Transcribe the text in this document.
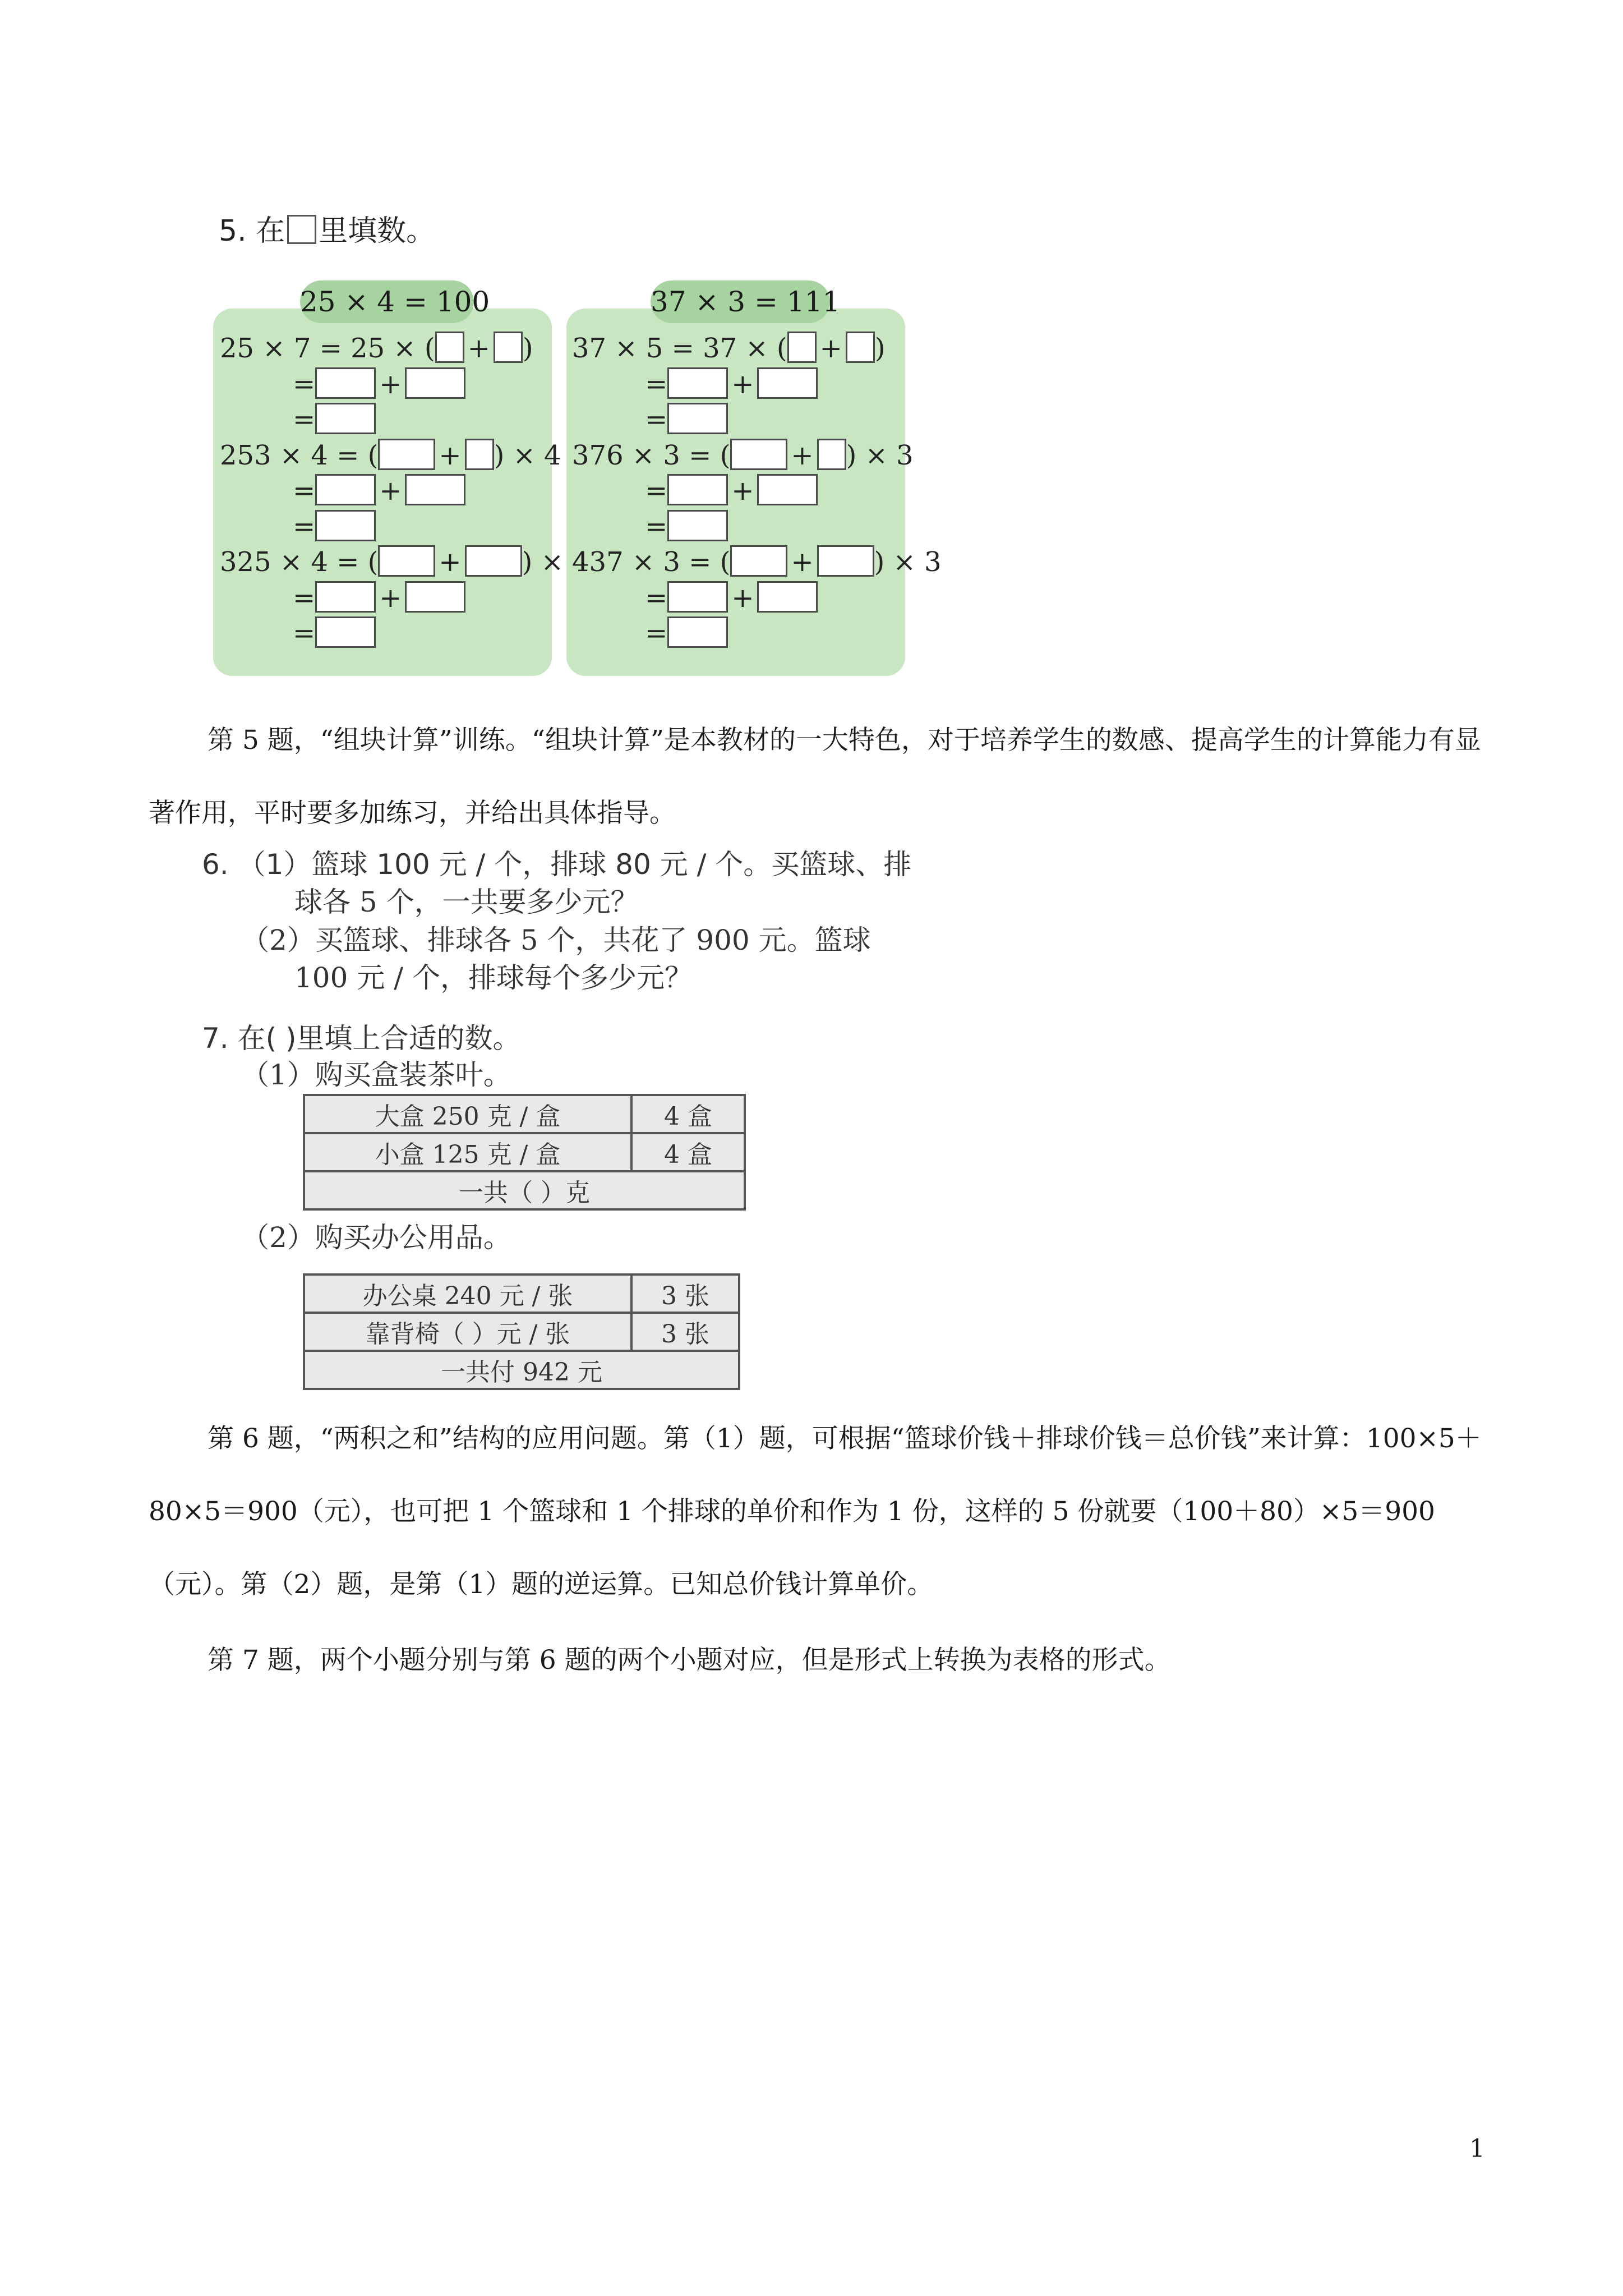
5. 在 里填数。
25 × 4 = 100	37 × 3 = 111
25 × 7 = 25 × ( + )
= +
=
253 × 4 = ( + ) × 4
= +
=
325 × 4 = ( + ) × 4
= +
=
37 × 5 = 37 × ( + )
= +
=
376 × 3 = ( + ) × 3
= +
=
437 × 3 = ( + ) × 3
= +
=
第 5 题，“组块计算”训练。“组块计算”是本教材的一大特色，对于培养学生的数感、提高学生的计算能力有显著作用，平时要多加练习，并给出具体指导。
6. （1）篮球 100 元 / 个，排球 80 元 / 个。买篮球、排
球各 5 个，一共要多少元？
（2）买篮球、排球各 5 个，共花了 900 元。篮球
100 元 / 个，排球每个多少元？
7. 在( )里填上合适的数。
（1）购买盒装茶叶。
大盒 250 克 / 盒	4 盒
小盒 125 克 / 盒	4 盒
一共（ ）克	
（2）购买办公用品。
办公桌 240 元 / 张	3 张
靠背椅（ ）元 / 张	3 张
一共付 942 元	
第 6 题，“两积之和”结构的应用问题。第（1）题，可根据“篮球价钱＋排球价钱＝总价钱”来计算：100×5＋80×5＝900（元），也可把 1 个篮球和 1 个排球的单价和作为 1 份，这样的 5 份就要（100＋80）×5＝900（元）。第（2）题，是第（1）题的逆运算。已知总价钱计算单价。
第 7 题，两个小题分别与第 6 题的两个小题对应，但是形式上转换为表格的形式。
1
